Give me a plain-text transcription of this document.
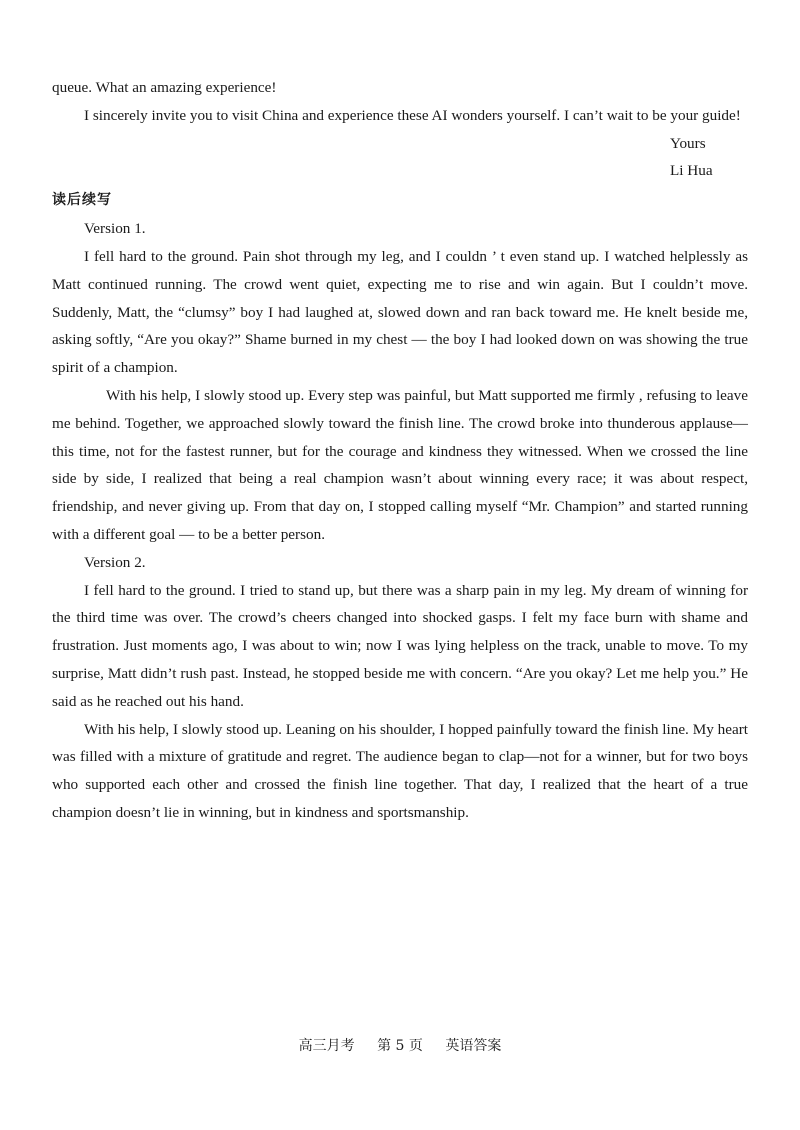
queue. What an amazing experience!

I sincerely invite you to visit China and experience these AI wonders yourself. I can’t wait to be your guide!

Yours

Li Hua

读后续写

Version 1.

I fell hard to the ground. Pain shot through my leg, and I couldn ’ t even stand up. I watched helplessly as Matt continued running. The crowd went quiet, expecting me to rise and win again. But I couldn’t move. Suddenly, Matt, the “clumsy” boy I had laughed at, slowed down and ran back toward me. He knelt beside me, asking softly, “Are you okay?” Shame burned in my chest — the boy I had looked down on was showing the true spirit of a champion.

With his help, I slowly stood up. Every step was painful, but Matt supported me firmly , refusing to leave me behind. Together, we approached slowly toward the finish line. The crowd broke into thunderous applause—this time, not for the fastest runner, but for the courage and kindness they witnessed. When we crossed the line side by side, I realized that being a real champion wasn’t about winning every race; it was about respect, friendship, and never giving up. From that day on, I stopped calling myself “Mr. Champion” and started running with a different goal — to be a better person.

Version 2.

I fell hard to the ground. I tried to stand up, but there was a sharp pain in my leg. My dream of winning for the third time was over. The crowd’s cheers changed into shocked gasps. I felt my face burn with shame and frustration. Just moments ago, I was about to win; now I was lying helpless on the track, unable to move. To my surprise, Matt didn’t rush past. Instead, he stopped beside me with concern. “Are you okay? Let me help you.” He said as he reached out his hand.

With his help, I slowly stood up. Leaning on his shoulder, I hopped painfully toward the finish line. My heart was filled with a mixture of gratitude and regret. The audience began to clap—not for a winner, but for two boys who supported each other and crossed the finish line together. That day, I realized that the heart of a true champion doesn’t lie in winning, but in kindness and sportsmanship.

高三月考 第 5 页 英语答案
